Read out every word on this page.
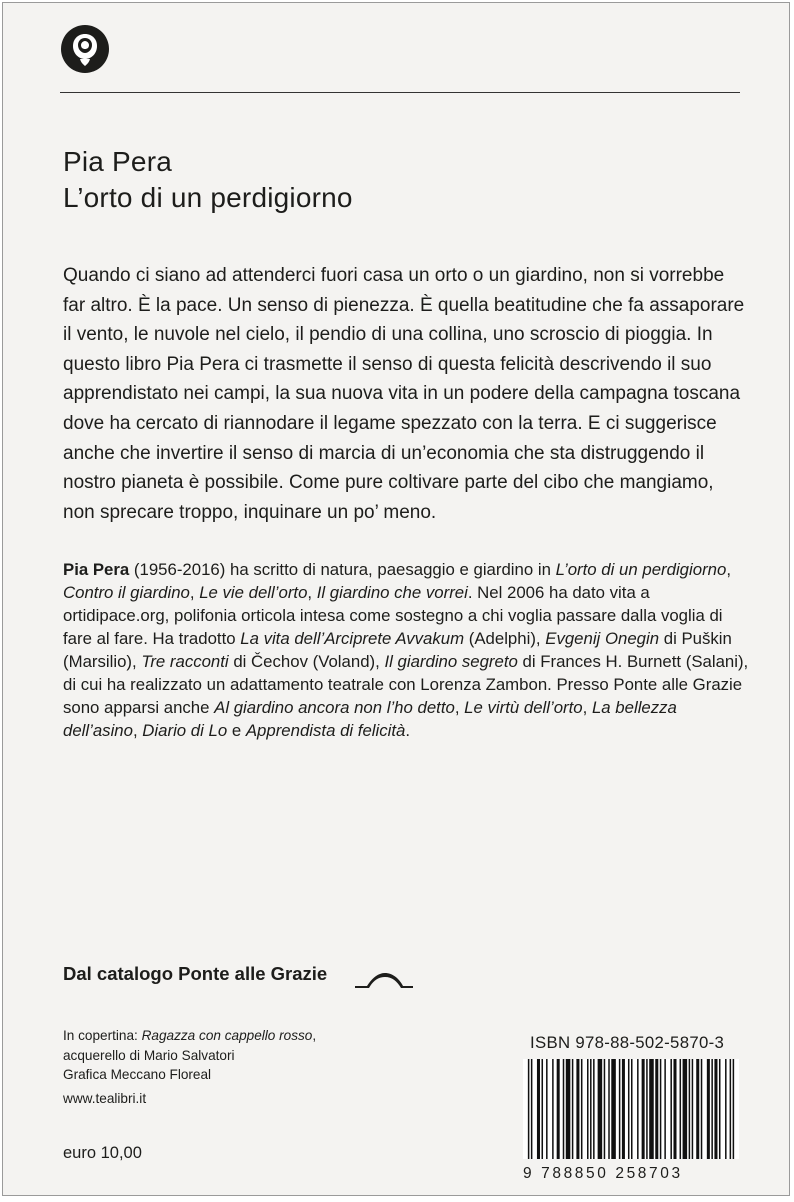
Pia Pera
L’orto di un perdigiorno

Quando ci siano ad attenderci fuori casa un orto o un giardino, non si vorrebbe far altro. È la pace. Un senso di pienezza. È quella beatitudine che fa assaporare il vento, le nuvole nel cielo, il pendio di una collina, uno scroscio di pioggia. In questo libro Pia Pera ci trasmette il senso di questa felicità descrivendo il suo apprendistato nei campi, la sua nuova vita in un podere della campagna toscana dove ha cercato di riannodare il legame spezzato con la terra. E ci suggerisce anche che invertire il senso di marcia di un’economia che sta distruggendo il nostro pianeta è possibile. Come pure coltivare parte del cibo che mangiamo, non sprecare troppo, inquinare un po’ meno.

Pia Pera (1956-2016) ha scritto di natura, paesaggio e giardino in L’orto di un perdigiorno, Contro il giardino, Le vie dell’orto, Il giardino che vorrei. Nel 2006 ha dato vita a ortidipace.org, polifonia orticola intesa come sostegno a chi voglia passare dalla voglia di fare al fare. Ha tradotto La vita dell’Arciprete Avvakum (Adelphi), Evgenij Onegin di Puškin (Marsilio), Tre racconti di Čechov (Voland), Il giardino segreto di Frances H. Burnett (Salani), di cui ha realizzato un adattamento teatrale con Lorenza Zambon. Presso Ponte alle Grazie sono apparsi anche Al giardino ancora non l’ho detto, Le virtù dell’orto, La bellezza dell’asino, Diario di Lo e Apprendista di felicità.

Dal catalogo Ponte alle Grazie
In copertina: Ragazza con cappello rosso,
acquerello di Mario Salvatori
Grafica Meccano Floreal
www.tealibri.it
euro 10,00
ISBN 978-88-502-5870-3
9 788850 258703
